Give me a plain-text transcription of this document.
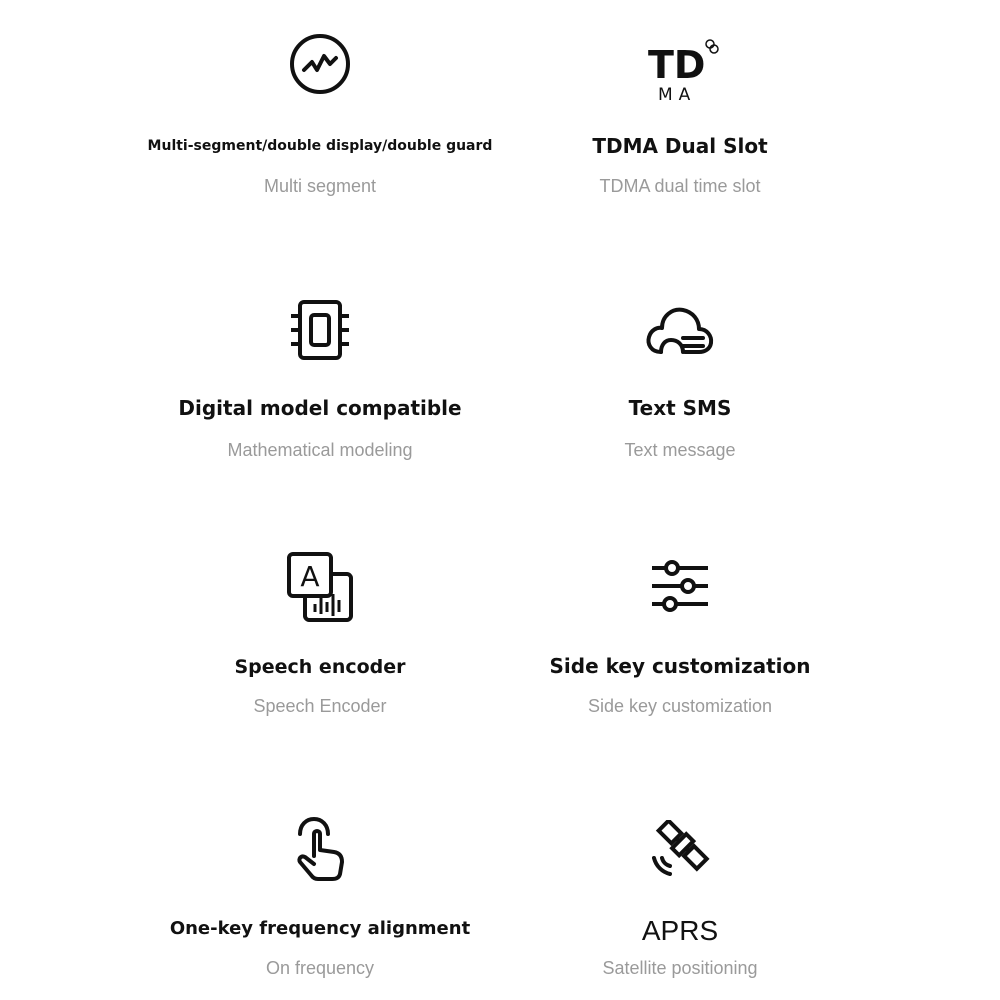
Multi-segment/double display/double guard
Multi segment
TD
MA
TDMA Dual Slot
TDMA dual time slot
Digital model compatible
Mathematical modeling
Text SMS
Text message
A
Speech encoder
Speech Encoder
Side key customization
Side key customization
One-key frequency alignment
On frequency
APRS
Satellite positioning
